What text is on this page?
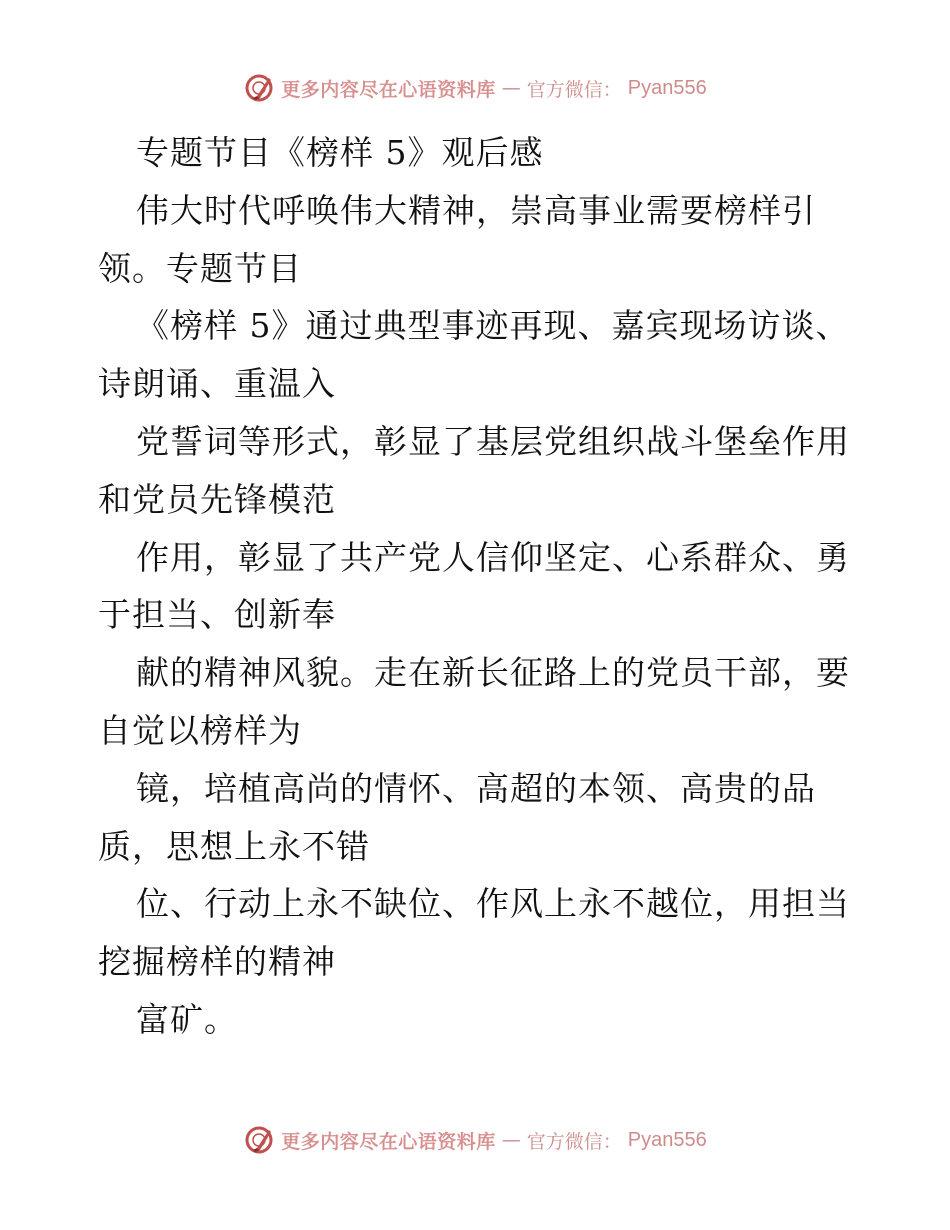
更多内容尽在心语资料库 — 官方微信： Pyan556
专题节目《榜样 5》观后感
伟大时代呼唤伟大精神，崇高事业需要榜样引
领。专题节目
《榜样 5》通过典型事迹再现、嘉宾现场访谈、
诗朗诵、重温入
党誓词等形式，彰显了基层党组织战斗堡垒作用
和党员先锋模范
作用，彰显了共产党人信仰坚定、心系群众、勇
于担当、创新奉
献的精神风貌。走在新长征路上的党员干部，要
自觉以榜样为
镜，培植高尚的情怀、高超的本领、高贵的品
质，思想上永不错
位、行动上永不缺位、作风上永不越位，用担当
挖掘榜样的精神
富矿。
更多内容尽在心语资料库 — 官方微信： Pyan556
